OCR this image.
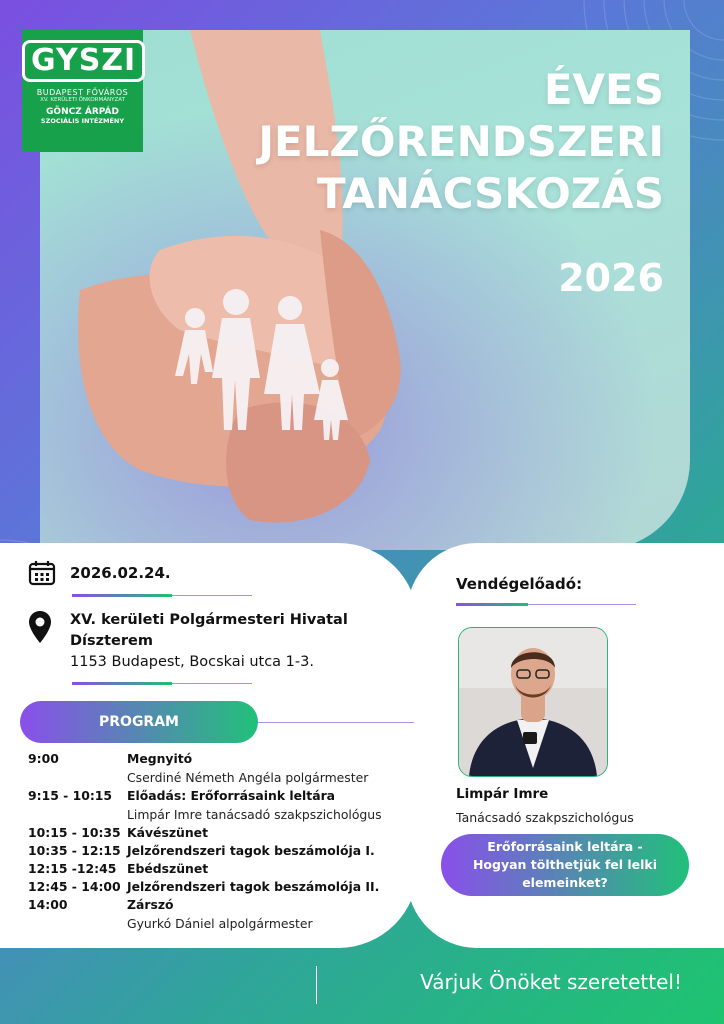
GYSZI
BUDAPEST FŐVÁROS
XV. KERÜLETI ÖNKORMÁNYZAT
GÖNCZ ÁRPÁD
SZOCIÁLIS INTÉZMÉNY
ÉVES
JELZŐRENDSZERI
TANÁCSKOZÁS
2026
2026.02.24.
XV. kerületi Polgármesteri Hivatal
Díszterem
1153 Budapest, Bocskai utca 1-3.
PROGRAM
9:00	Megnyitó
Cserdiné Németh Angéla polgármester
9:15 - 10:15	Előadás: Erőforrásaink leltára
Limpár Imre tanácsadó szakpszichológus
10:15 - 10:35 Kávészünet
10:35 - 12:15 Jelzőrendszeri tagok beszámolója I.
12:15 -12:45 Ebédszünet
12:45 - 14:00 Jelzőrendszeri tagok beszámolója II.
14:00	Zárszó
Gyurkó Dániel alpolgármester
Vendégelőadó:
Limpár Imre
Tanácsadó szakpszichológus
Erőforrásaink leltára - Hogyan tölthetjük fel lelki elemeinket?
Várjuk Önöket szeretettel!
